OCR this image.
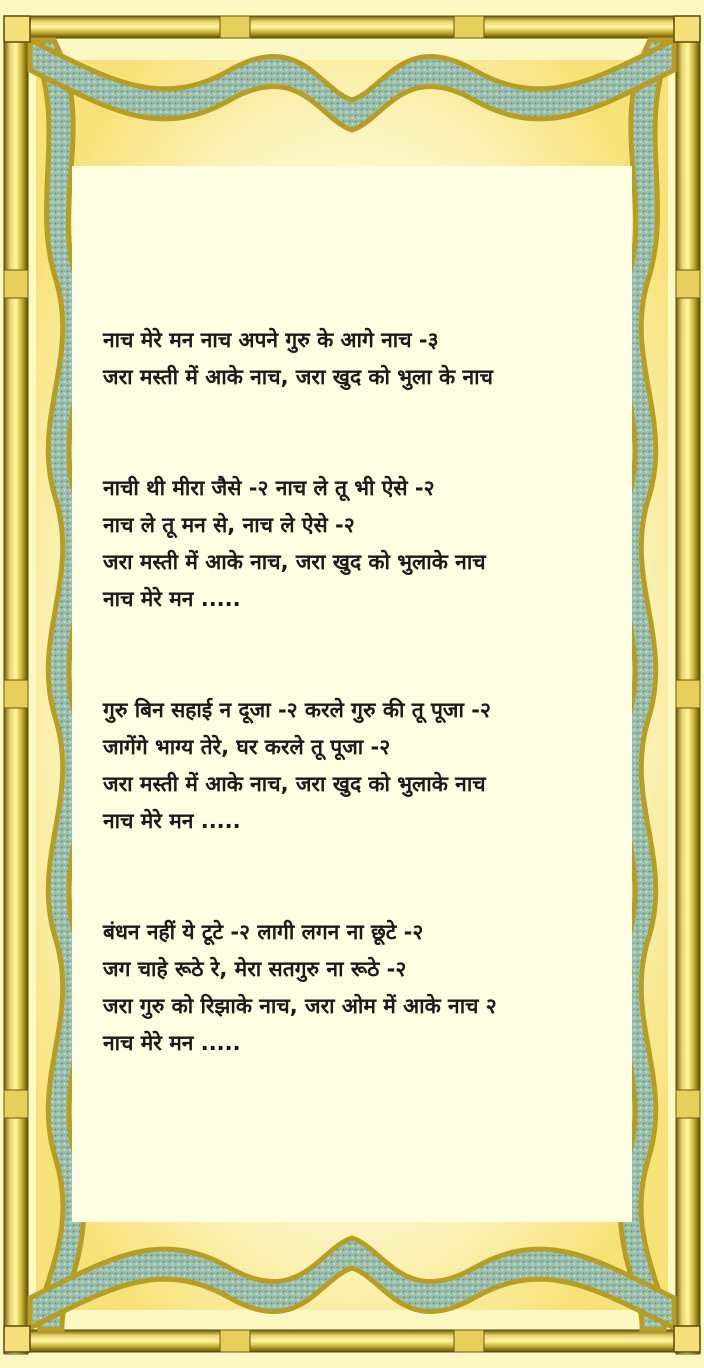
नाच मेरे मन नाच अपने गुरु के आगे नाच -३
जरा मस्ती में आके नाच, जरा खुद को भुला के नाच
नाची थी मीरा जैसे -२ नाच ले तू भी ऐसे -२
नाच ले तू मन से, नाच ले ऐसे -२
जरा मस्ती में आके नाच, जरा खुद को भुलाके नाच
नाच मेरे मन .....
गुरु बिन सहाई न दूजा -२ करले गुरु की तू पूजा -२
जागेंगे भाग्य तेरे, घर करले तू पूजा -२
जरा मस्ती में आके नाच, जरा खुद को भुलाके नाच
नाच मेरे मन .....
बंधन नहीं ये टूटे -२ लागी लगन ना छूटे -२
जग चाहे रूठे रे, मेरा सतगुरु ना रूठे -२
जरा गुरु को रिझाके नाच, जरा ओम में आके नाच २
नाच मेरे मन .....
